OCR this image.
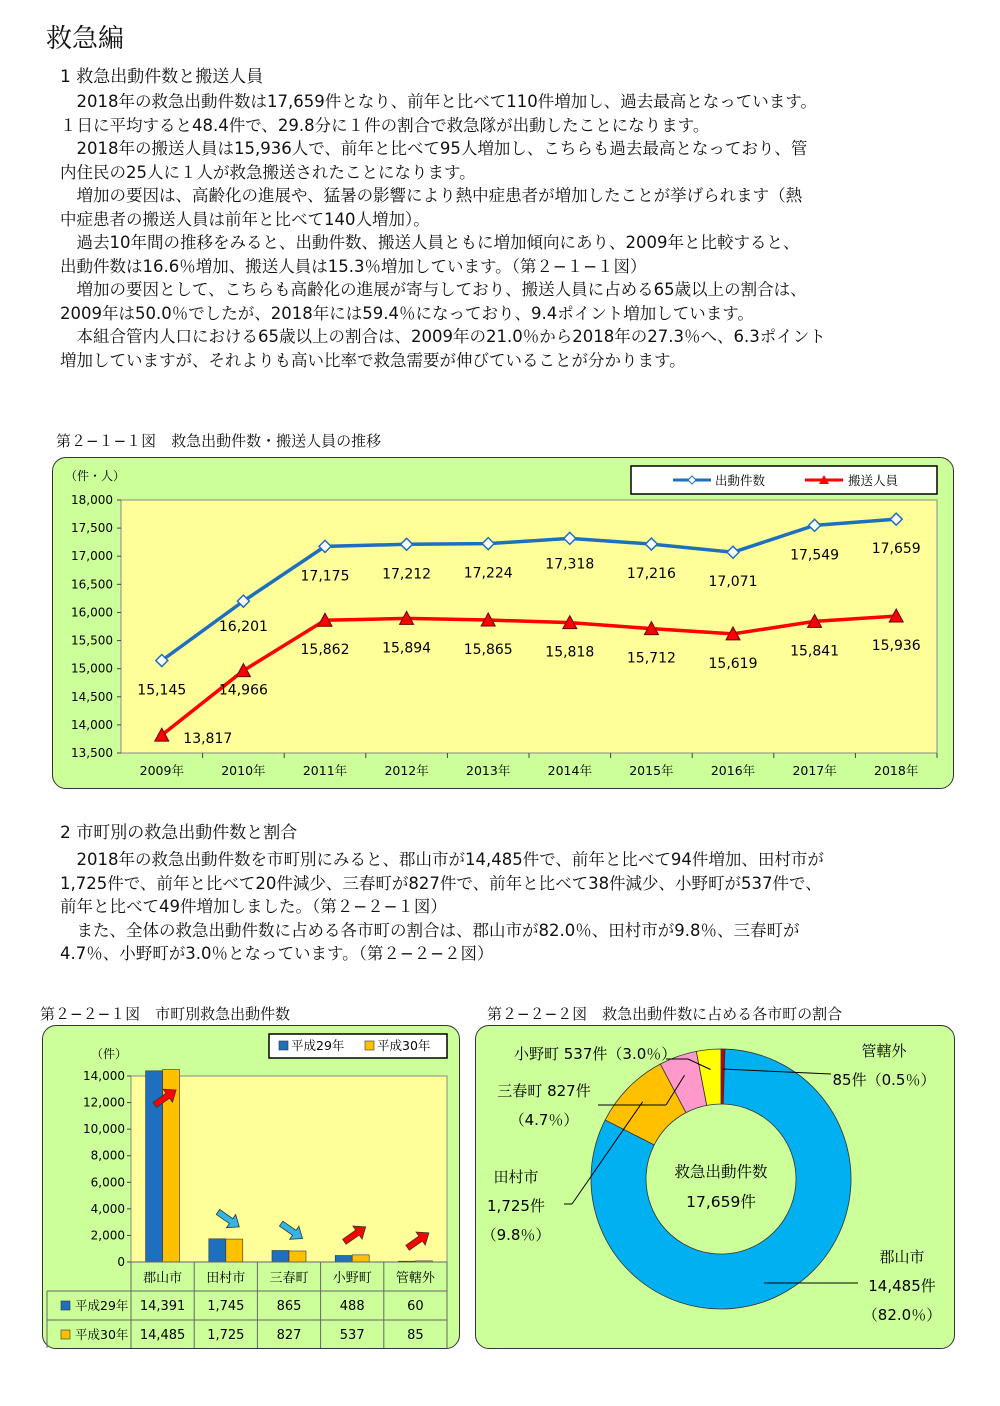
救急編
1 救急出動件数と搬送人員
　2018年の救急出動件数は17,659件となり、前年と比べて110件増加し、過去最高となっています。
１日に平均すると48.4件で、29.8分に１件の割合で救急隊が出動したことになります。
　2018年の搬送人員は15,936人で、前年と比べて95人増加し、こちらも過去最高となっており、管
内住民の25人に１人が救急搬送されたことになります。
　増加の要因は、高齢化の進展や、猛暑の影響により熱中症患者が増加したことが挙げられます（熱
中症患者の搬送人員は前年と比べて140人増加）。
　過去10年間の推移をみると、出動件数、搬送人員ともに増加傾向にあり、2009年と比較すると、
出動件数は16.6％増加、搬送人員は15.3％増加しています。（第２−１−１図）
　増加の要因として、こちらも高齢化の進展が寄与しており、搬送人員に占める65歳以上の割合は、
2009年は50.0％でしたが、2018年には59.4％になっており、9.4ポイント増加しています。
　本組合管内人口における65歳以上の割合は、2009年の21.0％から2018年の27.3％へ、6.3ポイント
増加していますが、それよりも高い比率で救急需要が伸びていることが分かります。
第２−１−１図　救急出動件数・搬送人員の推移
13,500
14,000
14,500
15,000
15,500
16,000
16,500
17,000
17,500
18,000
（件・人）
2009年	2010年	2011年	2012年	2013年	2014年	2015年	2016年	2017年	2018年
15,145
16,201
17,175 17,212 17,224
17,318
17,216
17,071
17,549 17,659
13,817
14,966
15,862 15,894 15,865 15,818 15,712 15,619
15,841 15,936
出動件数	搬送人員
2 市町別の救急出動件数と割合
　2018年の救急出動件数を市町別にみると、郡山市が14,485件で、前年と比べて94件増加、田村市が
1,725件で、前年と比べて20件減少、三春町が827件で、前年と比べて38件減少、小野町が537件で、
前年と比べて49件増加しました。（第２−２−１図）
　また、全体の救急出動件数に占める各市町の割合は、郡山市が82.0％、田村市が9.8％、三春町が
4.7％、小野町が3.0％となっています。（第２−２−２図）
第２−２−１図　市町別救急出動件数
0
2,000
4,000
6,000
8,000
10,000
12,000
14,000
（件）
郡山市 田村市 三春町 小野町 管轄外
平成29年 14,391 1,745 865	488	60
平成30年 14,485 1,725 827	537	85
平成29年	平成30年
第２−２−２図　救急出動件数に占める各市町の割合
救急出動件数
17,659件
管轄外
85件（0.5％）
小野町 537件（3.0％）
三春町 827件
（4.7％）
田村市
1,725件
（9.8％）
郡山市
14,485件
（82.0％）
